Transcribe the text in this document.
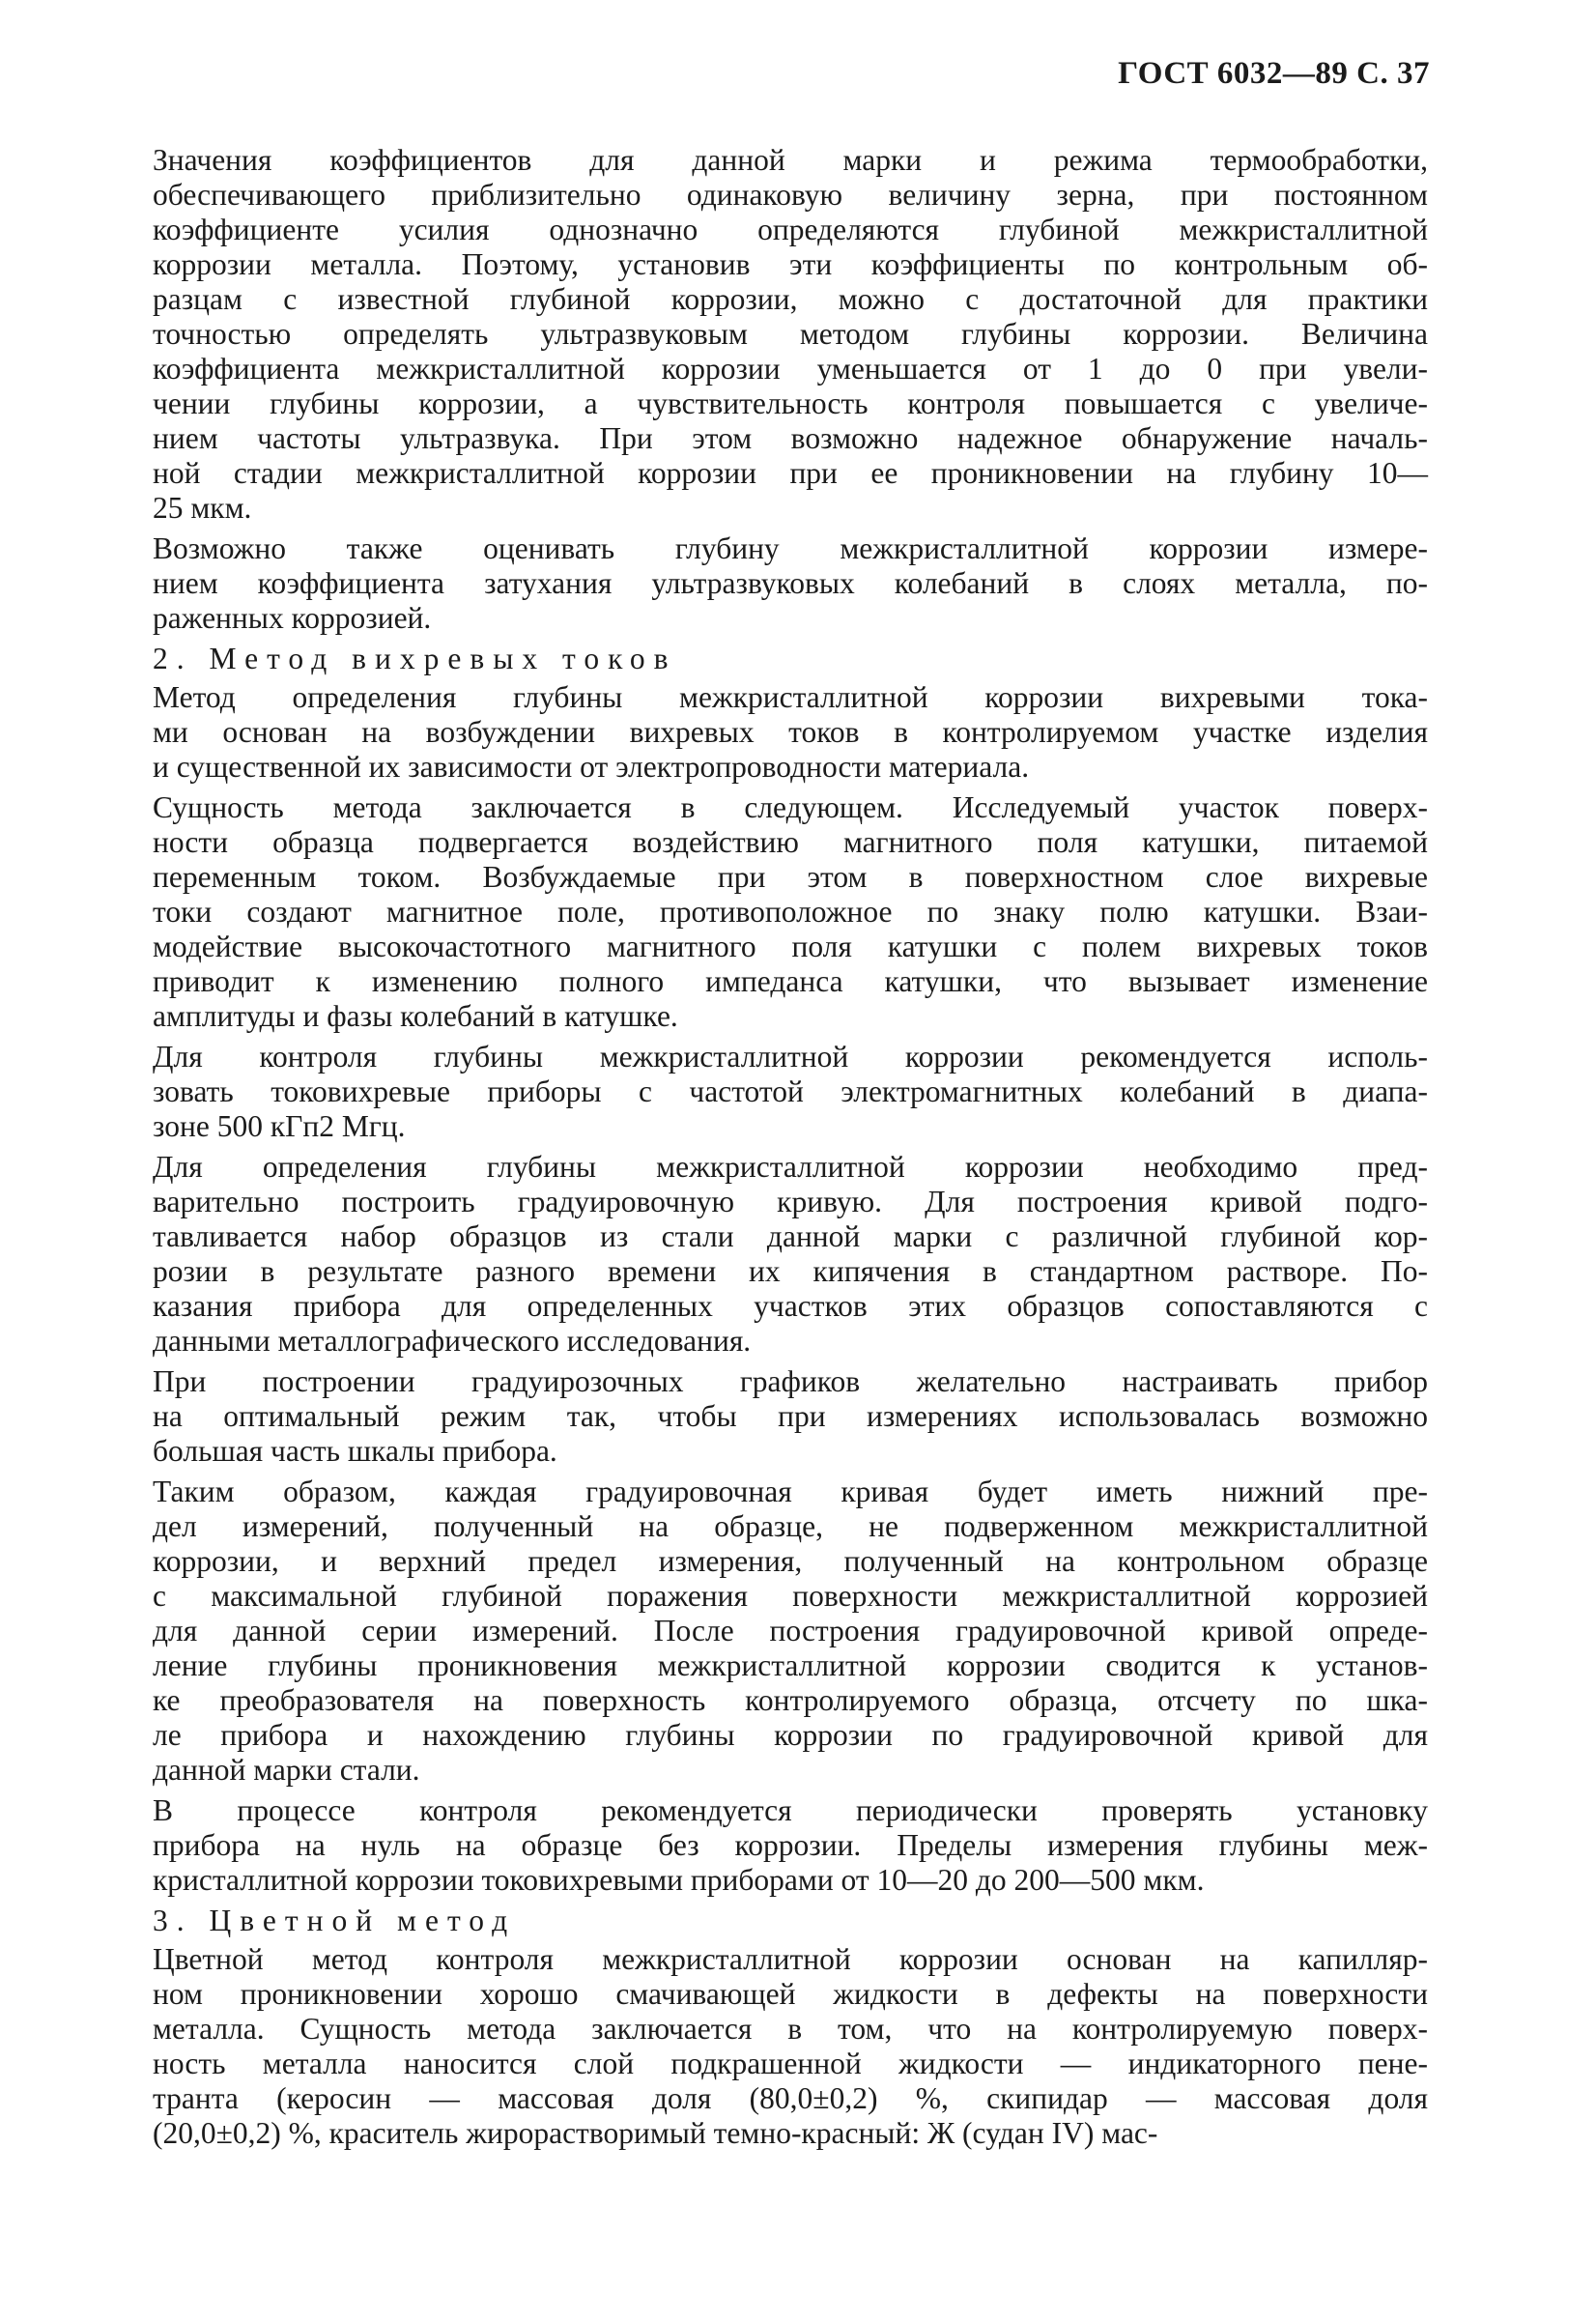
ГОСТ 6032—89 С. 37
Значения коэффициентов для данной марки и режима термообработки,
обеспечивающего приблизительно одинаковую величину зерна, при постоянном
коэффициенте усилия однозначно определяются глубиной межкристаллитной
коррозии металла. Поэтому, установив эти коэффициенты по контрольным об-
разцам с известной глубиной коррозии, можно с достаточной для практики
точностью определять ультразвуковым методом глубины коррозии. Величина
коэффициента межкристаллитной коррозии уменьшается от 1 до 0 при увели-
чении глубины коррозии, а чувствительность контроля повышается с увеличе-
нием частоты ультразвука. При этом возможно надежное обнаружение началь-
ной стадии межкристаллитной коррозии при ее проникновении на глубину 10—
25 мкм.
Возможно также оценивать глубину межкристаллитной коррозии измере-
нием коэффициента затухания ультразвуковых колебаний в слоях металла, по-
раженных коррозией.
2. Метод вихревых токов
Метод определения глубины межкристаллитной коррозии вихревыми тока-
ми основан на возбуждении вихревых токов в контролируемом участке изделия
и существенной их зависимости от электропроводности материала.
Сущность метода заключается в следующем. Исследуемый участок поверх-
ности образца подвергается воздействию магнитного поля катушки, питаемой
переменным током. Возбуждаемые при этом в поверхностном слое вихревые
токи создают магнитное поле, противоположное по знаку полю катушки. Взаи-
модействие высокочастотного магнитного поля катушки с полем вихревых токов
приводит к изменению полного импеданса катушки, что вызывает изменение
амплитуды и фазы колебаний в катушке.
Для контроля глубины межкристаллитной коррозии рекомендуется исполь-
зовать токовихревые приборы с частотой электромагнитных колебаний в диапа-
зоне 500 кГп2 Мгц.
Для определения глубины межкристаллитной коррозии необходимо пред-
варительно построить градуировочную кривую. Для построения кривой подго-
тавливается набор образцов из стали данной марки с различной глубиной кор-
розии в результате разного времени их кипячения в стандартном растворе. По-
казания прибора для определенных участков этих образцов сопоставляются с
данными металлографического исследования.
При построении градуирозочных графиков желательно настраивать прибор
на оптимальный режим так, чтобы при измерениях использовалась возможно
большая часть шкалы прибора.
Таким образом, каждая градуировочная кривая будет иметь нижний пре-
дел измерений, полученный на образце, не подверженном межкристаллитной
коррозии, и верхний предел измерения, полученный на контрольном образце
с максимальной глубиной поражения поверхности межкристаллитной коррозией
для данной серии измерений. После построения градуировочной кривой опреде-
ление глубины проникновения межкристаллитной коррозии сводится к установ-
ке преобразователя на поверхность контролируемого образца, отсчету по шка-
ле прибора и нахождению глубины коррозии по градуировочной кривой для
данной марки стали.
В процессе контроля рекомендуется периодически проверять установку
прибора на нуль на образце без коррозии. Пределы измерения глубины меж-
кристаллитной коррозии токовихревыми приборами от 10—20 до 200—500 мкм.
3. Цветной метод
Цветной метод контроля межкристаллитной коррозии основан на капилляр-
ном проникновении хорошо смачивающей жидкости в дефекты на поверхности
металла. Сущность метода заключается в том, что на контролируемую поверх-
ность металла наносится слой подкрашенной жидкости — индикаторного пене-
транта (керосин — массовая доля (80,0±0,2) %, скипидар — массовая доля
(20,0±0,2) %, краситель жирорастворимый темно-красный: Ж (судан IV) мас-
